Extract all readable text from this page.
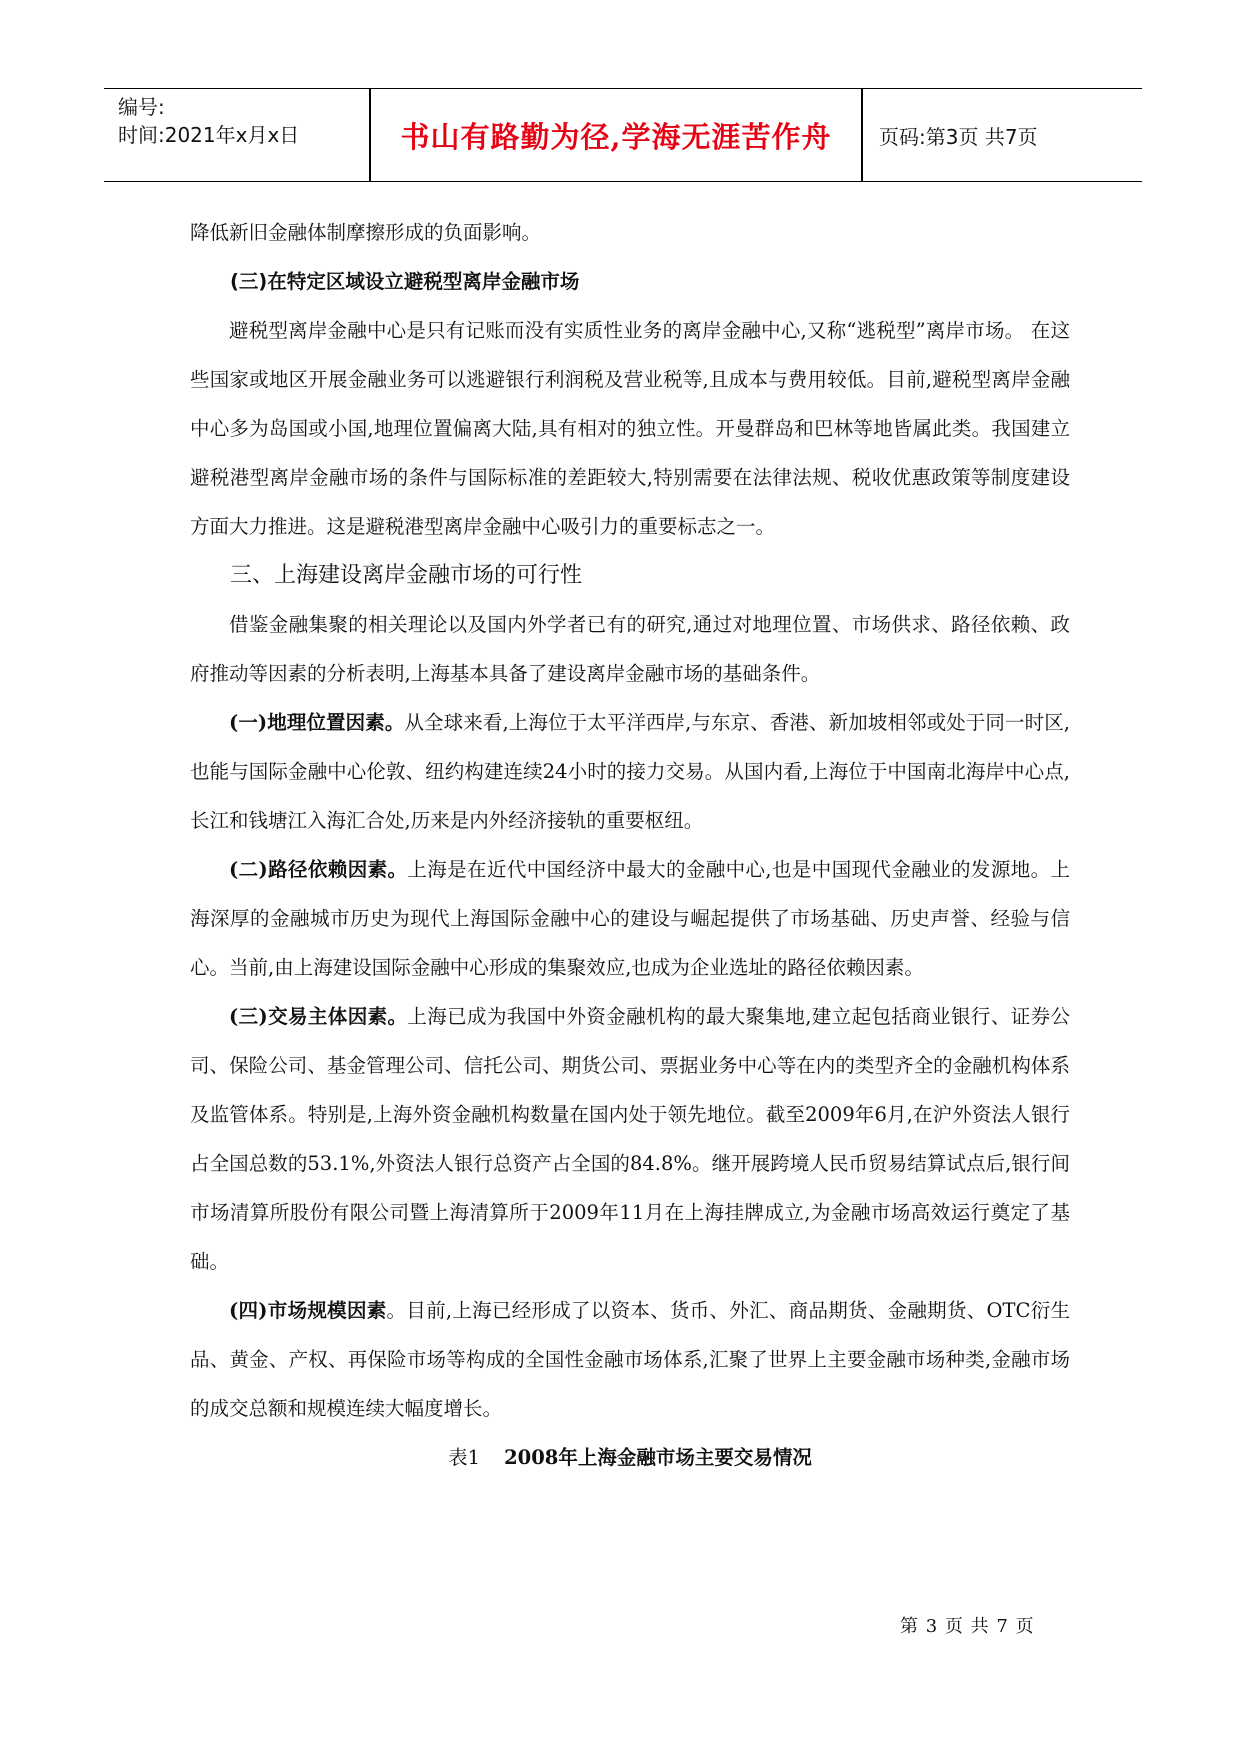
编号:
时间:2021年x月x日	书山有路勤为径,学海无涯苦作舟	页码:第3页 共7页

降低新旧金融体制摩擦形成的负面影响。

(三)在特定区域设立避税型离岸金融市场

避税型离岸金融中心是只有记账而没有实质性业务的离岸金融中心,又称“逃税型”离岸市场。 在这些国家或地区开展金融业务可以逃避银行利润税及营业税等,且成本与费用较低。目前,避税型离岸金融中心多为岛国或小国,地理位置偏离大陆,具有相对的独立性。开曼群岛和巴林等地皆属此类。我国建立避税港型离岸金融市场的条件与国际标准的差距较大,特别需要在法律法规、税收优惠政策等制度建设方面大力推进。这是避税港型离岸金融中心吸引力的重要标志之一。

三、上海建设离岸金融市场的可行性

借鉴金融集聚的相关理论以及国内外学者已有的研究,通过对地理位置、市场供求、路径依赖、政府推动等因素的分析表明,上海基本具备了建设离岸金融市场的基础条件。

(一)地理位置因素。从全球来看,上海位于太平洋西岸,与东京、香港、新加坡相邻或处于同一时区,也能与国际金融中心伦敦、纽约构建连续24小时的接力交易。从国内看,上海位于中国南北海岸中心点,长江和钱塘江入海汇合处,历来是内外经济接轨的重要枢纽。

(二)路径依赖因素。上海是在近代中国经济中最大的金融中心,也是中国现代金融业的发源地。上海深厚的金融城市历史为现代上海国际金融中心的建设与崛起提供了市场基础、历史声誉、经验与信心。当前,由上海建设国际金融中心形成的集聚效应,也成为企业选址的路径依赖因素。

(三)交易主体因素。上海已成为我国中外资金融机构的最大聚集地,建立起包括商业银行、证券公司、保险公司、基金管理公司、信托公司、期货公司、票据业务中心等在内的类型齐全的金融机构体系及监管体系。特别是,上海外资金融机构数量在国内处于领先地位。截至2009年6月,在沪外资法人银行占全国总数的53.1%,外资法人银行总资产占全国的84.8%。继开展跨境人民币贸易结算试点后,银行间市场清算所股份有限公司暨上海清算所于2009年11月在上海挂牌成立,为金融市场高效运行奠定了基础。

(四)市场规模因素。目前,上海已经形成了以资本、货币、外汇、商品期货、金融期货、OTC衍生品、黄金、产权、再保险市场等构成的全国性金融市场体系,汇聚了世界上主要金融市场种类,金融市场的成交总额和规模连续大幅度增长。

表1 2008年上海金融市场主要交易情况

第 3 页 共 7 页
